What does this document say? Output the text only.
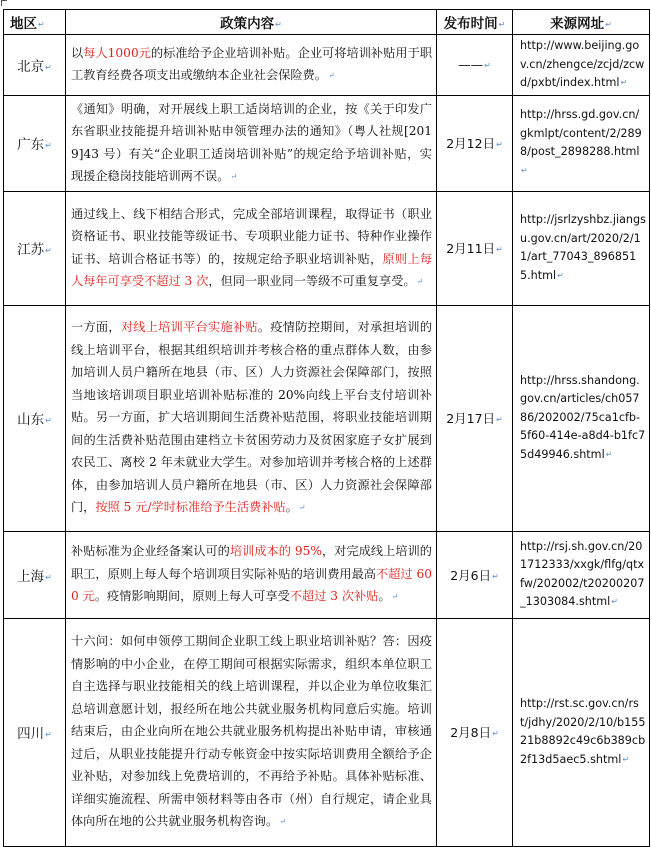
地区↵	政策内容↵	发布时间↵	来源网址↵
北京↵	以每人1000元的标准给予企业培训补贴。企业可将培训补贴用于职工教育经费各项支出或缴纳本企业社会保险费。↵	——↵	http://www.beijing.gov.cn/zhengce/zcjd/zcwd/pxbt/index.html↵
广东↵	《通知》明确，对开展线上职工适岗培训的企业，按《关于印发广东省职业技能提升培训补贴申领管理办法的通知》（粤人社规[2019]43 号）有关“企业职工适岗培训补贴”的规定给予培训补贴，实现援企稳岗技能培训两不误。↵	2月12日↵	http://hrss.gd.gov.cn/gkmlpt/content/2/2898/post_2898288.html↵
江苏↵	通过线上、线下相结合形式，完成全部培训课程，取得证书（职业资格证书、职业技能等级证书、专项职业能力证书、特种作业操作证书、培训合格证书等）的，按规定给予职业培训补贴，原则上每人每年可享受不超过 3 次，但同一职业同一等级不可重复享受。↵	2月11日↵	http://jsrlzyshbz.jiangsu.gov.cn/art/2020/2/11/art_77043_8968515.html↵
山东↵	一方面，对线上培训平台实施补贴。疫情防控期间，对承担培训的线上培训平台，根据其组织培训并考核合格的重点群体人数，由参加培训人员户籍所在地县（市、区）人力资源社会保障部门，按照当地该培训项目职业培训补贴标准的 20%向线上平台支付培训补贴。另一方面，扩大培训期间生活费补贴范围，将职业技能培训期间的生活费补贴范围由建档立卡贫困劳动力及贫困家庭子女扩展到农民工、离校 2 年未就业大学生。对参加培训并考核合格的上述群体，由参加培训人员户籍所在地县（市、区）人力资源社会保障部门，按照 5 元/学时标准给予生活费补贴。↵	2月17日↵	http://hrss.shandong.gov.cn/articles/ch05786/202002/75ca1cfb-5f60-414e-a8d4-b1fc75d49946.shtml↵
上海↵	补贴标准为企业经备案认可的培训成本的 95%，对完成线上培训的职工，原则上每人每个培训项目实际补贴的培训费用最高不超过 600 元。疫情影响期间，原则上每人可享受不超过 3 次补贴。↵	2月6日↵	http://rsj.sh.gov.cn/201712333/xxgk/flfg/qtxfw/202002/t20200207_1303084.shtml↵
四川↵	十六问：如何申领停工期间企业职工线上职业培训补贴？答：因疫情影响的中小企业，在停工期间可根据实际需求，组织本单位职工自主选择与职业技能相关的线上培训课程，并以企业为单位收集汇总培训意愿计划，报经所在地公共就业服务机构同意后实施。培训结束后，由企业向所在地公共就业服务机构提出补贴申请，审核通过后，从职业技能提升行动专帐资金中按实际培训费用全额给予企业补贴，对参加线上免费培训的，不再给予补贴。具体补贴标准、详细实施流程、所需申领材料等由各市（州）自行规定，请企业具体向所在地的公共就业服务机构咨询。↵	2月8日↵	http://rst.sc.gov.cn/rst/jdhy/2020/2/10/b15521b8892c49c6b389cb2f13d5aec5.shtml↵
